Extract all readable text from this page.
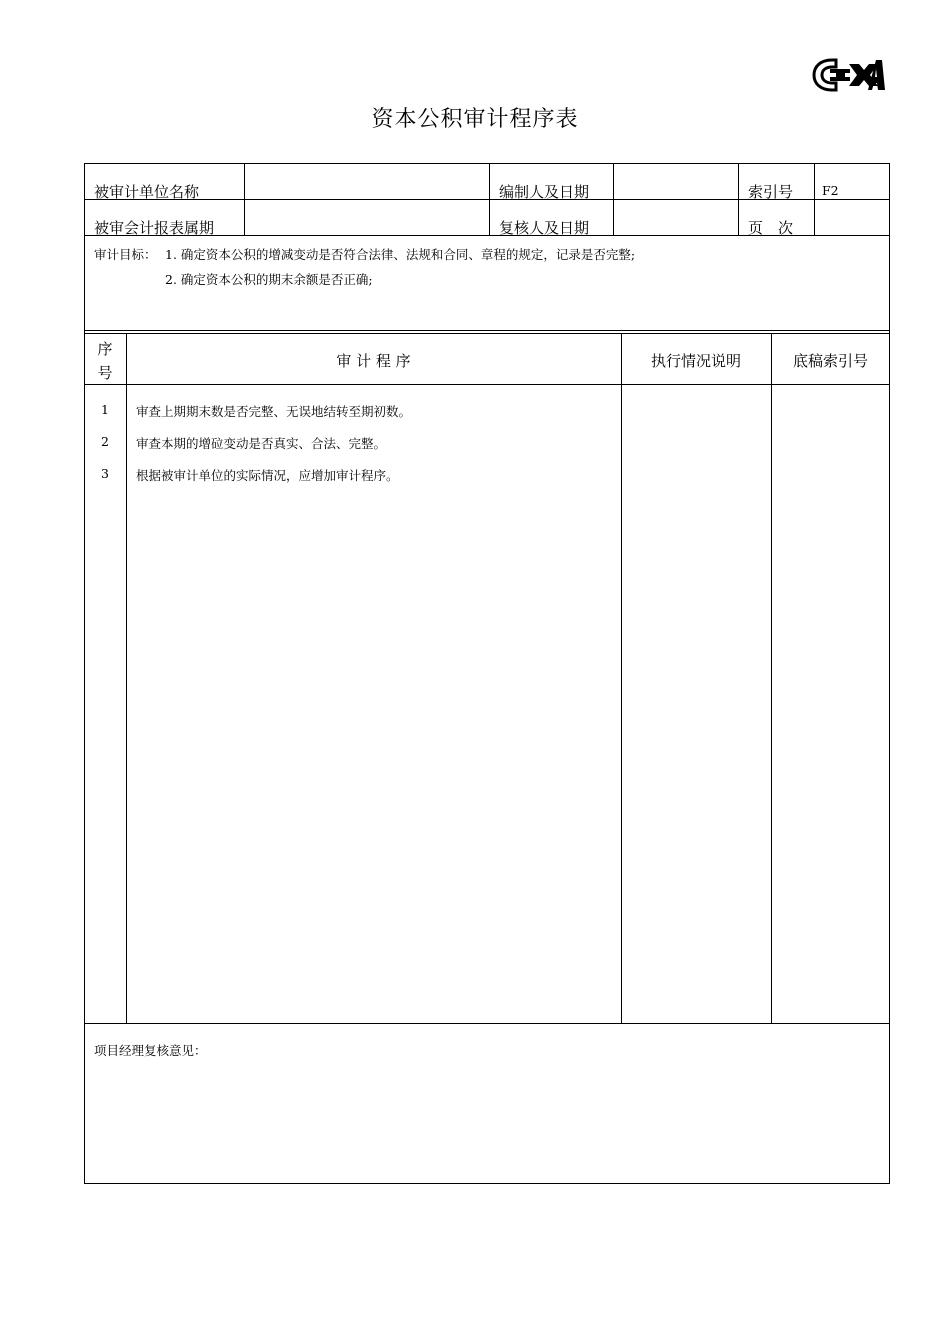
资本公积审计程序表
被审计单位名称	编制人及日期	索引号 F2
被审会计报表属期	复核人及日期	页　次
审计目标： 1. 确定资本公积的增减变动是否符合法律、法规和合同、章程的规定，记录是否完整;
2. 确定资本公积的期末余额是否正确;
序
号
审 计 程 序	执行情况说明	底稿索引号
1	审查上期期末数是否完整、无误地结转至期初数。
2	审查本期的增砬变动是否真实、合法、完整。
3	根据被审计单位的实际情况，应增加审计程序。
项目经理复核意见：
